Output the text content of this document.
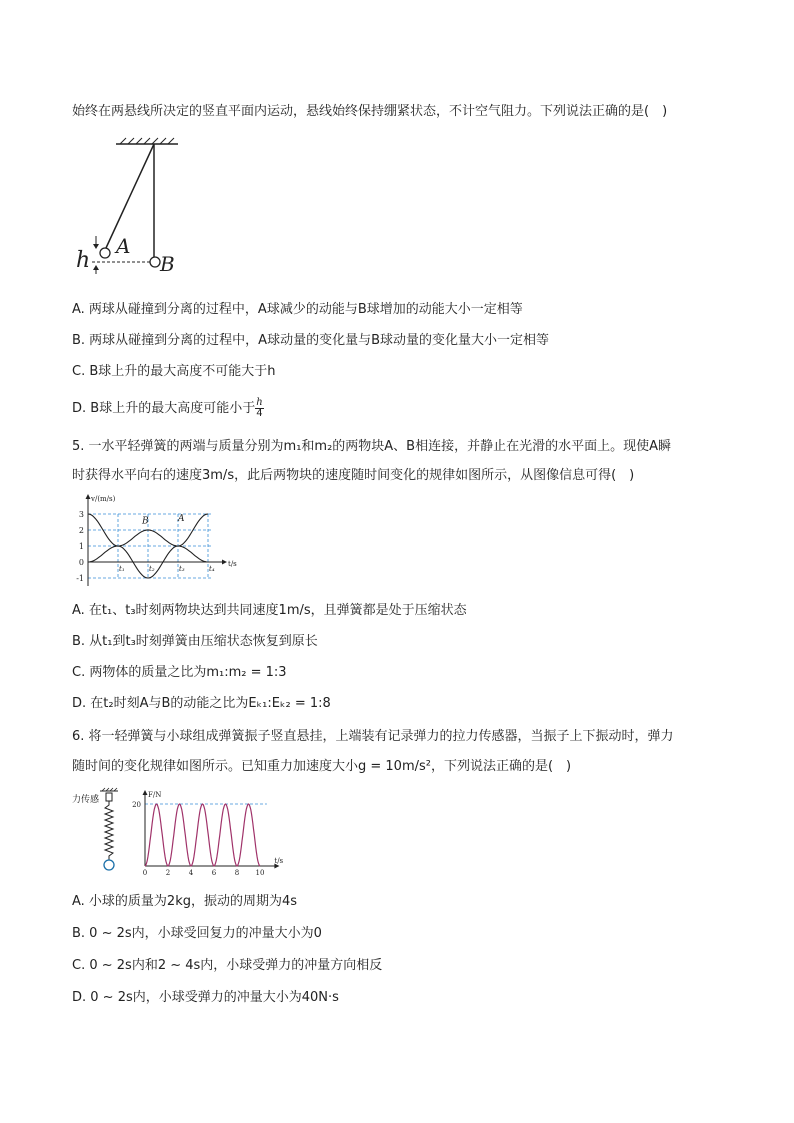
始终在两悬线所决定的竖直平面内运动，悬线始终保持绷紧状态，不计空气阻力。下列说法正确的是(　)
h
A
B
A. 两球从碰撞到分离的过程中，A球减少的动能与B球增加的动能大小一定相等
B. 两球从碰撞到分离的过程中，A球动量的变化量与B球动量的变化量大小一定相等
C. B球上升的最大高度不可能大于h
D. B球上升的最大高度可能小于 $\frac{h}{4}$
5. 一水平轻弹簧的两端与质量分别为m₁和m₂的两物块A、B相连接，并静止在光滑的水平面上。现使A瞬
时获得水平向右的速度3m/s，此后两物块的速度随时间变化的规律如图所示，从图像信息可得(　)
v/(m/s)
t/s
3
2
1
0
-1
t₁	t₂	t₃	t₄
B	A
A. 在t₁、t₃时刻两物块达到共同速度1m/s，且弹簧都是处于压缩状态
B. 从t₁到t₃时刻弹簧由压缩状态恢复到原长
C. 两物体的质量之比为m₁:m₂ = 1:3
D. 在t₂时刻A与B的动能之比为Eₖ₁:Eₖ₂ = 1:8
6. 将一轻弹簧与小球组成弹簧振子竖直悬挂，上端装有记录弹力的拉力传感器，当振子上下振动时，弹力
随时间的变化规律如图所示。已知重力加速度大小g = 10m/s²，下列说法正确的是(　)
力传感	F/N
t/s
20
0	2	4	6	8 10
A. 小球的质量为2kg，振动的周期为4s
B. 0 ~ 2s内，小球受回复力的冲量大小为0
C. 0 ~ 2s内和2 ~ 4s内，小球受弹力的冲量方向相反
D. 0 ~ 2s内，小球受弹力的冲量大小为40N·s
